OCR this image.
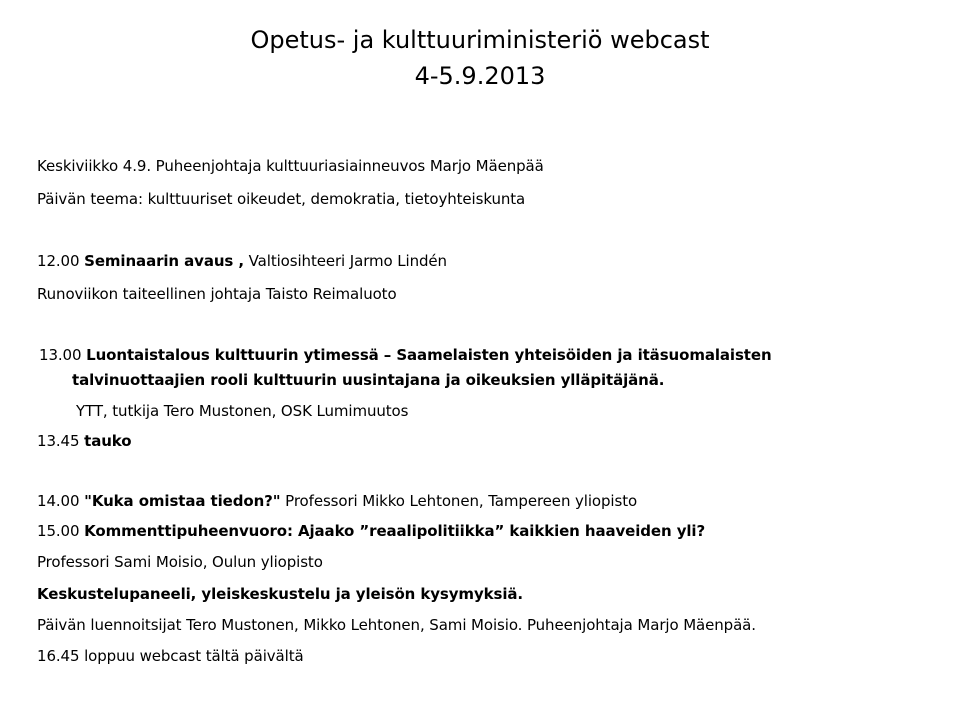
Opetus- ja kulttuuriministeriö webcast
4-5.9.2013
Keskiviikko 4.9. Puheenjohtaja kulttuuriasiainneuvos Marjo Mäenpää
Päivän teema: kulttuuriset oikeudet, demokratia, tietoyhteiskunta
12.00 Seminaarin avaus , Valtiosihteeri Jarmo Lindén
Runoviikon taiteellinen johtaja Taisto Reimaluoto
13.00 Luontaistalous kulttuurin ytimessä – Saamelaisten yhteisöiden ja itäsuomalaisten
talvinuottaajien rooli kulttuurin uusintajana ja oikeuksien ylläpitäjänä.
YTT, tutkija Tero Mustonen, OSK Lumimuutos
13.45 tauko
14.00 "Kuka omistaa tiedon?" Professori Mikko Lehtonen, Tampereen yliopisto
15.00 Kommenttipuheenvuoro: Ajaako ”reaalipolitiikka” kaikkien haaveiden yli?
Professori Sami Moisio, Oulun yliopisto
Keskustelupaneeli, yleiskeskustelu ja yleisön kysymyksiä.
Päivän luennoitsijat Tero Mustonen, Mikko Lehtonen, Sami Moisio. Puheenjohtaja Marjo Mäenpää.
16.45 loppuu webcast tältä päivältä
